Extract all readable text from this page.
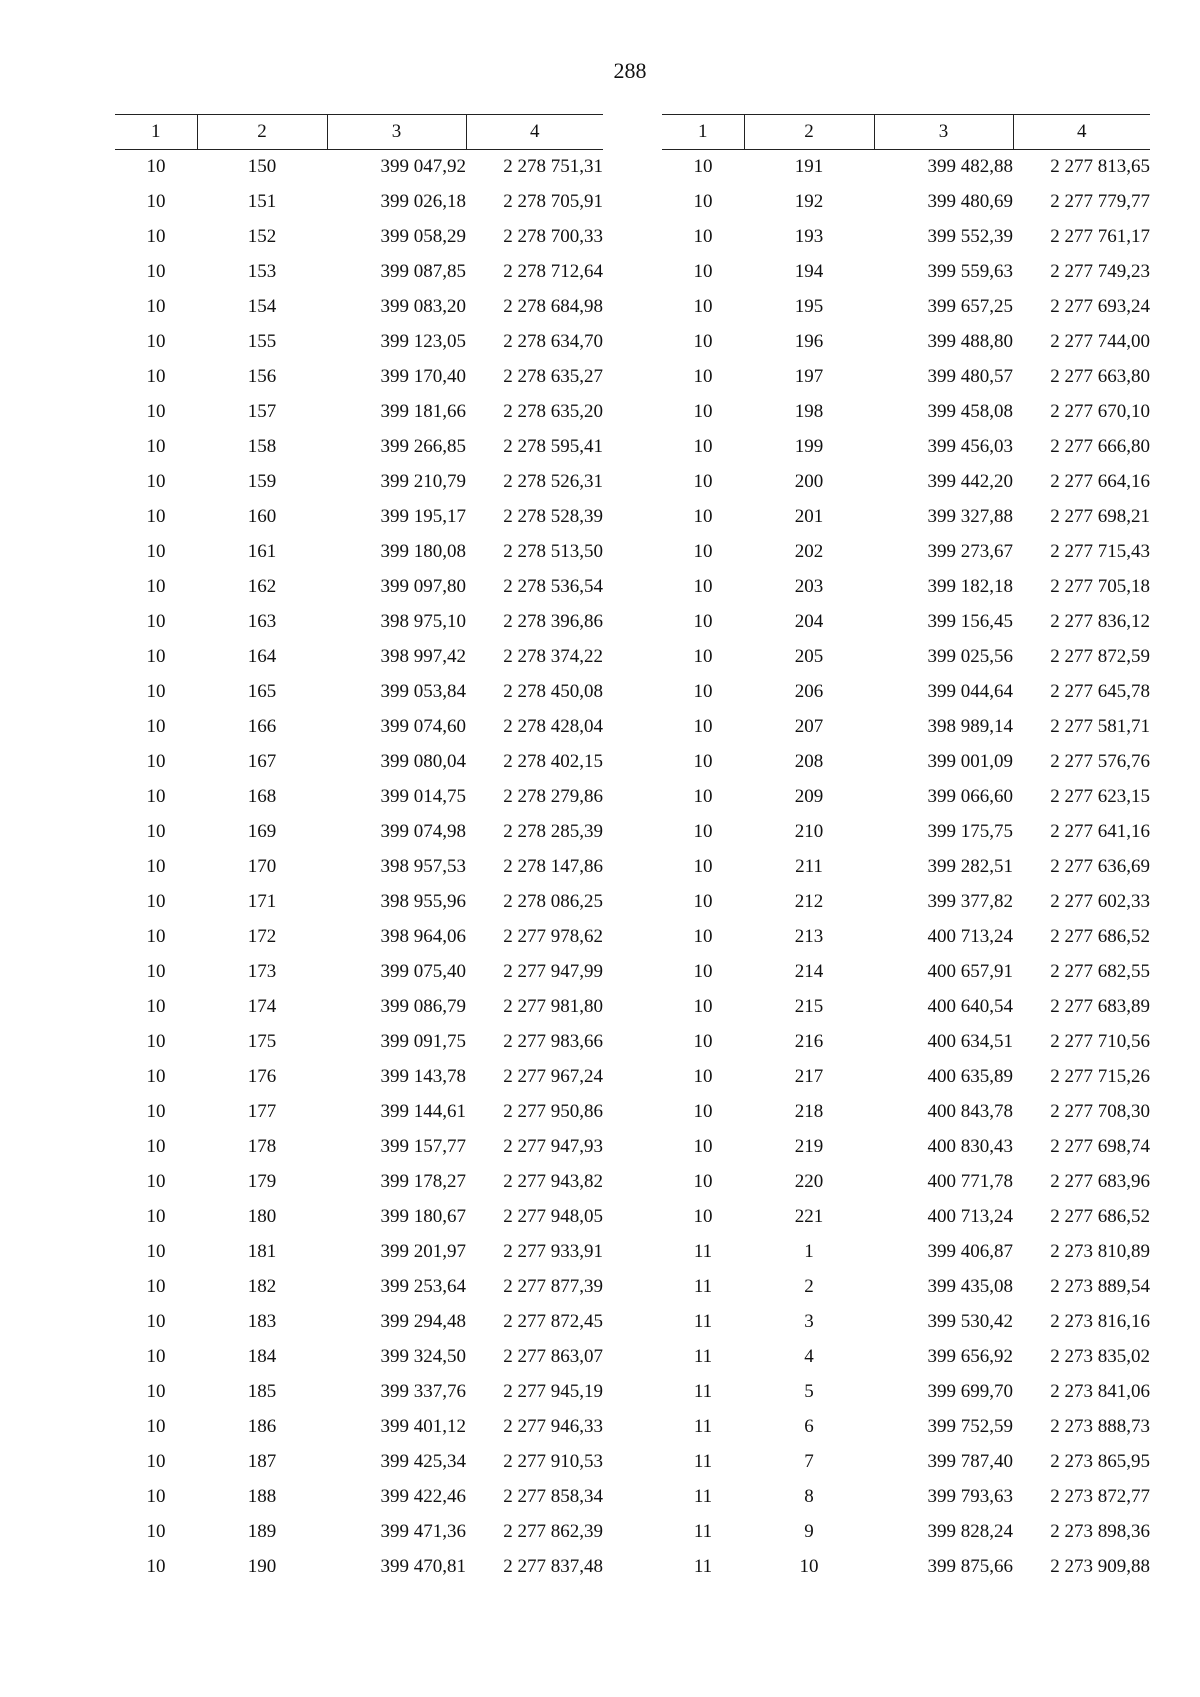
288
1	2	3	4
10	150	399 047,92	2 278 751,31
10	151	399 026,18	2 278 705,91
10	152	399 058,29	2 278 700,33
10	153	399 087,85	2 278 712,64
10	154	399 083,20	2 278 684,98
10	155	399 123,05	2 278 634,70
10	156	399 170,40	2 278 635,27
10	157	399 181,66	2 278 635,20
10	158	399 266,85	2 278 595,41
10	159	399 210,79	2 278 526,31
10	160	399 195,17	2 278 528,39
10	161	399 180,08	2 278 513,50
10	162	399 097,80	2 278 536,54
10	163	398 975,10	2 278 396,86
10	164	398 997,42	2 278 374,22
10	165	399 053,84	2 278 450,08
10	166	399 074,60	2 278 428,04
10	167	399 080,04	2 278 402,15
10	168	399 014,75	2 278 279,86
10	169	399 074,98	2 278 285,39
10	170	398 957,53	2 278 147,86
10	171	398 955,96	2 278 086,25
10	172	398 964,06	2 277 978,62
10	173	399 075,40	2 277 947,99
10	174	399 086,79	2 277 981,80
10	175	399 091,75	2 277 983,66
10	176	399 143,78	2 277 967,24
10	177	399 144,61	2 277 950,86
10	178	399 157,77	2 277 947,93
10	179	399 178,27	2 277 943,82
10	180	399 180,67	2 277 948,05
10	181	399 201,97	2 277 933,91
10	182	399 253,64	2 277 877,39
10	183	399 294,48	2 277 872,45
10	184	399 324,50	2 277 863,07
10	185	399 337,76	2 277 945,19
10	186	399 401,12	2 277 946,33
10	187	399 425,34	2 277 910,53
10	188	399 422,46	2 277 858,34
10	189	399 471,36	2 277 862,39
10	190	399 470,81	2 277 837,48
1	2	3	4
10	191	399 482,88	2 277 813,65
10	192	399 480,69	2 277 779,77
10	193	399 552,39	2 277 761,17
10	194	399 559,63	2 277 749,23
10	195	399 657,25	2 277 693,24
10	196	399 488,80	2 277 744,00
10	197	399 480,57	2 277 663,80
10	198	399 458,08	2 277 670,10
10	199	399 456,03	2 277 666,80
10	200	399 442,20	2 277 664,16
10	201	399 327,88	2 277 698,21
10	202	399 273,67	2 277 715,43
10	203	399 182,18	2 277 705,18
10	204	399 156,45	2 277 836,12
10	205	399 025,56	2 277 872,59
10	206	399 044,64	2 277 645,78
10	207	398 989,14	2 277 581,71
10	208	399 001,09	2 277 576,76
10	209	399 066,60	2 277 623,15
10	210	399 175,75	2 277 641,16
10	211	399 282,51	2 277 636,69
10	212	399 377,82	2 277 602,33
10	213	400 713,24	2 277 686,52
10	214	400 657,91	2 277 682,55
10	215	400 640,54	2 277 683,89
10	216	400 634,51	2 277 710,56
10	217	400 635,89	2 277 715,26
10	218	400 843,78	2 277 708,30
10	219	400 830,43	2 277 698,74
10	220	400 771,78	2 277 683,96
10	221	400 713,24	2 277 686,52
11	1	399 406,87	2 273 810,89
11	2	399 435,08	2 273 889,54
11	3	399 530,42	2 273 816,16
11	4	399 656,92	2 273 835,02
11	5	399 699,70	2 273 841,06
11	6	399 752,59	2 273 888,73
11	7	399 787,40	2 273 865,95
11	8	399 793,63	2 273 872,77
11	9	399 828,24	2 273 898,36
11	10	399 875,66	2 273 909,88
